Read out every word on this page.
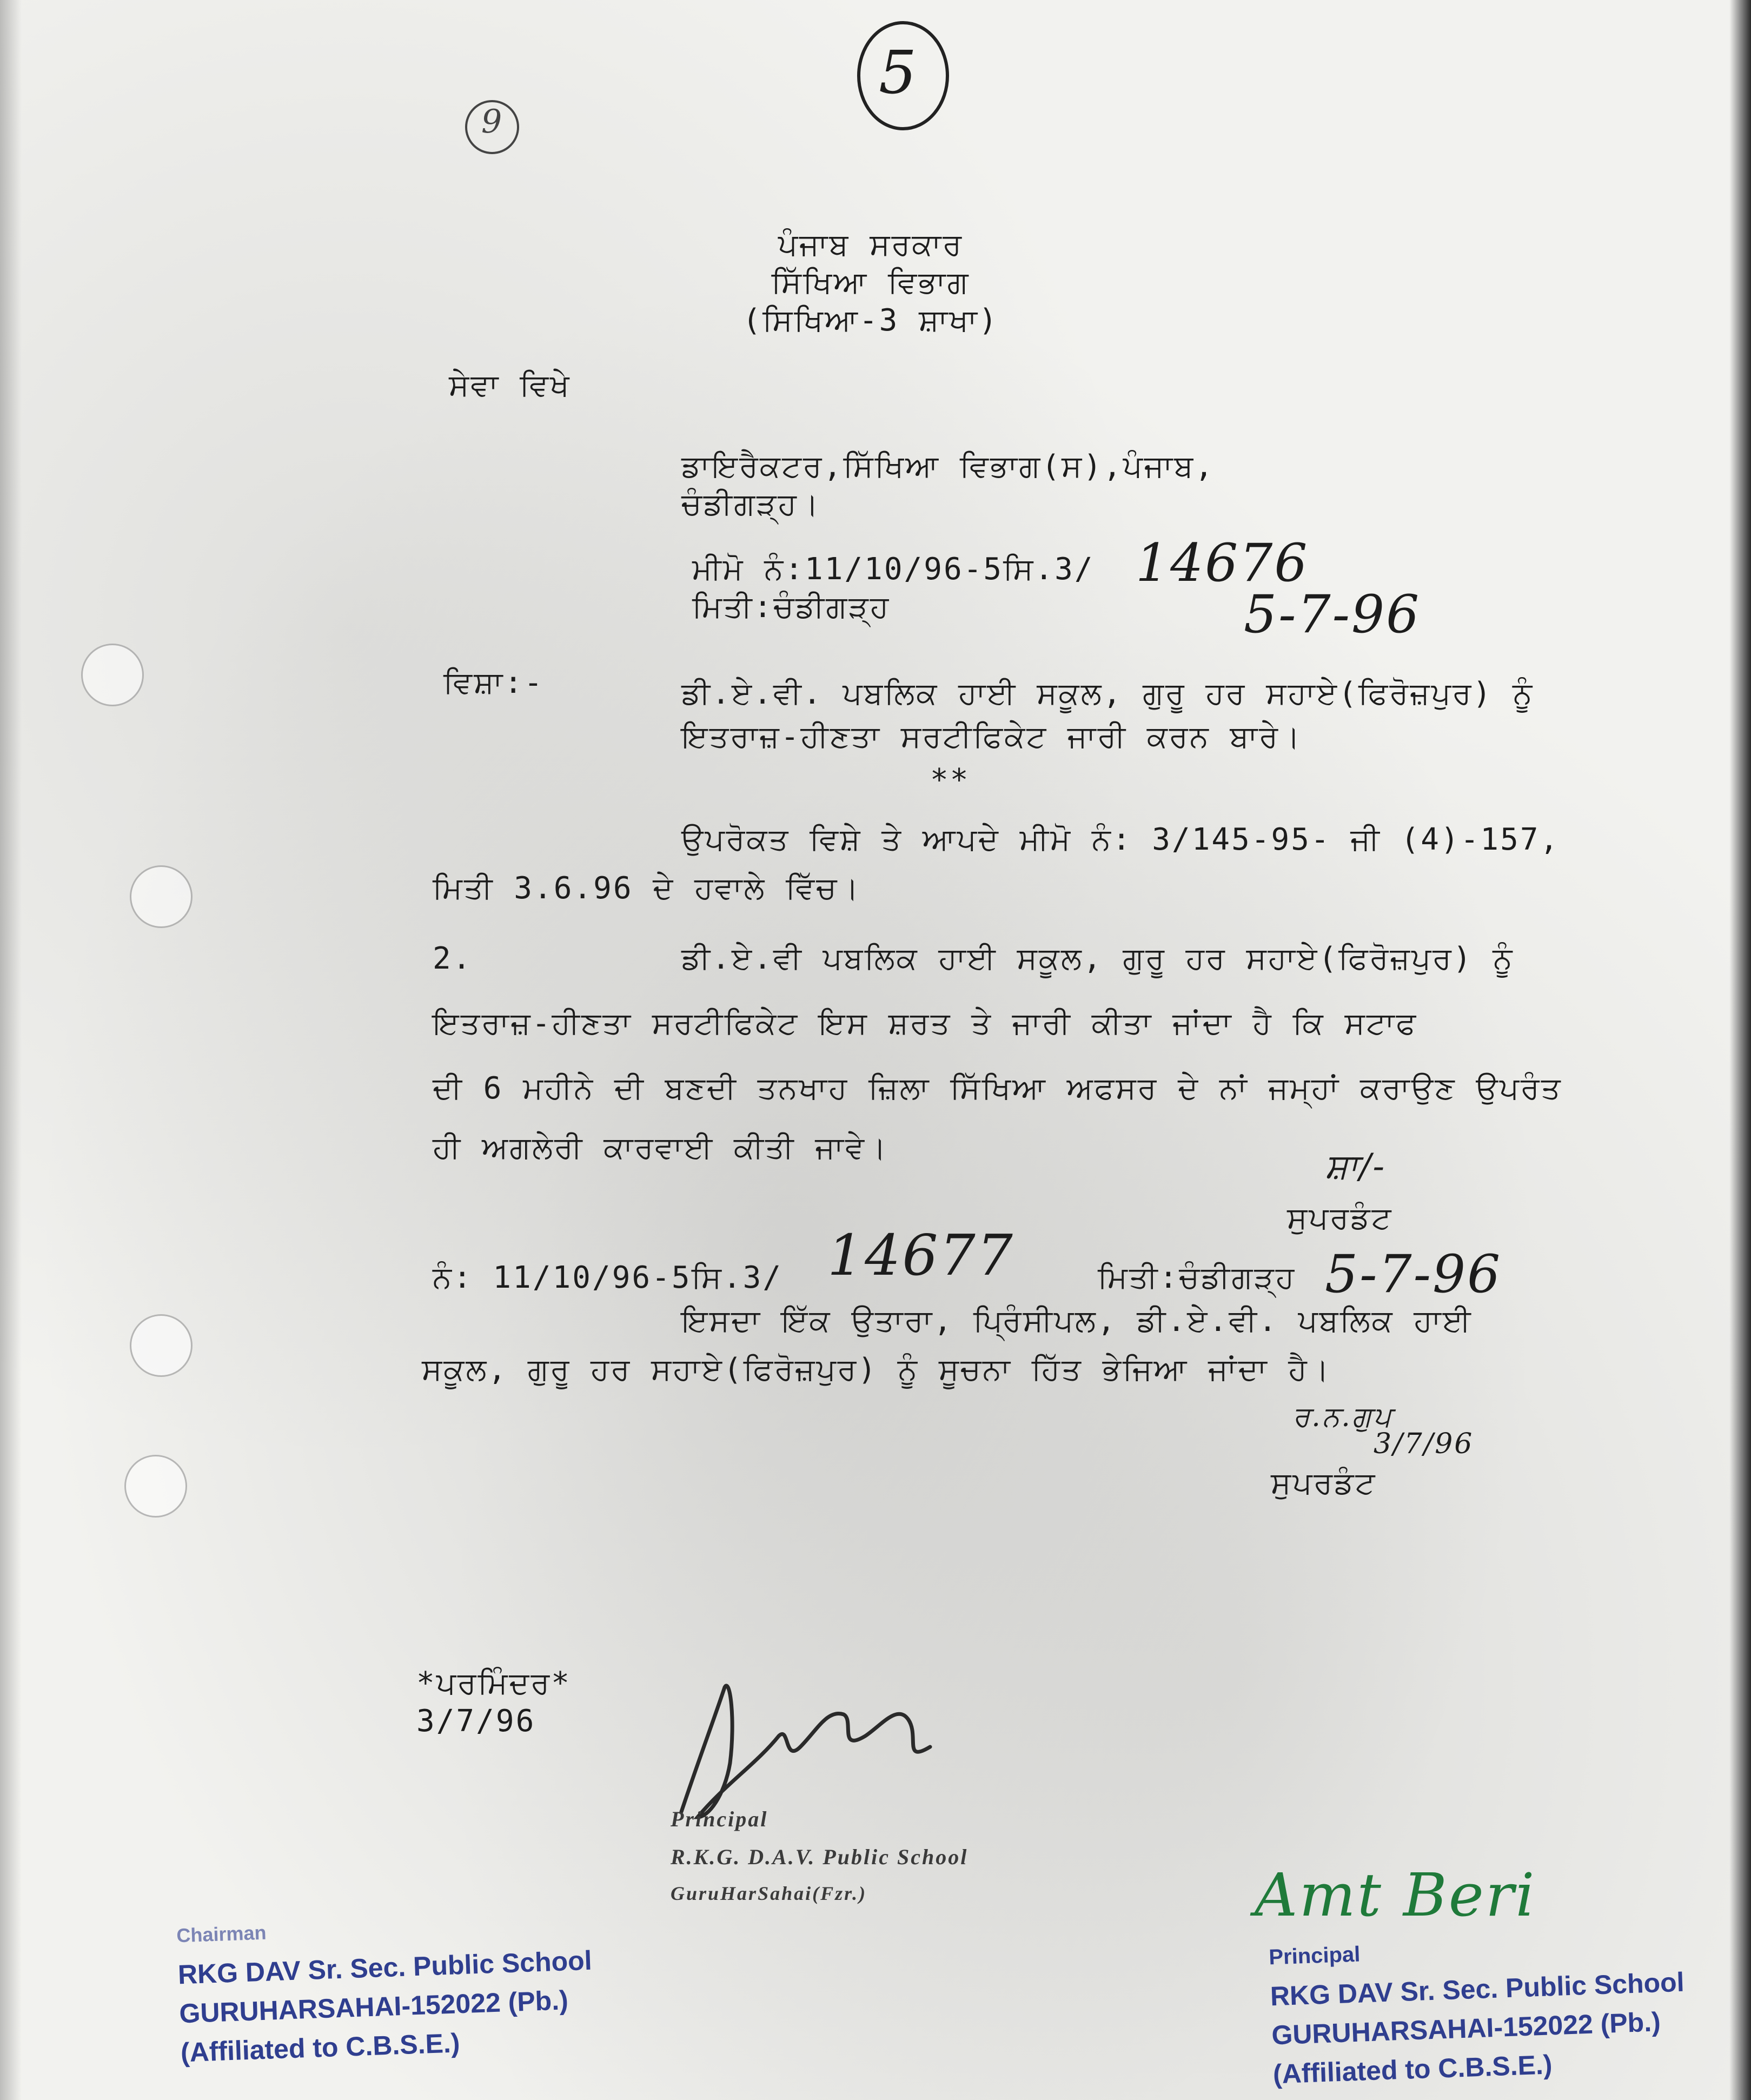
5
9
ਪੰਜਾਬ ਸਰਕਾਰ
ਸਿੱਖਿਆ ਵਿਭਾਗ
(ਸਿਖਿਆ-3 ਸ਼ਾਖਾ)
ਸੇਵਾ ਵਿਖੇ
ਡਾਇਰੈਕਟਰ,ਸਿੱਖਿਆ ਵਿਭਾਗ(ਸ),ਪੰਜਾਬ,
ਚੰਡੀਗੜ੍ਹ।
ਮੀਮੋ ਨੰ:11/10/96-5ਸਿ.3/ 14676
ਮਿਤੀ:ਚੰਡੀਗੜ੍ਹ	5-7-96
ਵਿਸ਼ਾ:-	ਡੀ.ਏ.ਵੀ. ਪਬਲਿਕ ਹਾਈ ਸਕੂਲ, ਗੁਰੂ ਹਰ ਸਹਾਏ(ਫਿਰੋਜ਼ਪੁਰ) ਨੂੰ
ਇਤਰਾਜ਼-ਹੀਣਤਾ ਸਰਟੀਫਿਕੇਟ ਜਾਰੀ ਕਰਨ ਬਾਰੇ।
**
ਉਪਰੋਕਤ ਵਿਸ਼ੇ ਤੇ ਆਪਦੇ ਮੀਮੋ ਨੰ: 3/145-95- ਜੀ (4)-157,
ਮਿਤੀ 3.6.96 ਦੇ ਹਵਾਲੇ ਵਿੱਚ।
2.	ਡੀ.ਏ.ਵੀ ਪਬਲਿਕ ਹਾਈ ਸਕੂਲ, ਗੁਰੂ ਹਰ ਸਹਾਏ(ਫਿਰੋਜ਼ਪੁਰ) ਨੂੰ
ਇਤਰਾਜ਼-ਹੀਣਤਾ ਸਰਟੀਫਿਕੇਟ ਇਸ ਸ਼ਰਤ ਤੇ ਜਾਰੀ ਕੀਤਾ ਜਾਂਦਾ ਹੈ ਕਿ ਸਟਾਫ
ਦੀ 6 ਮਹੀਨੇ ਦੀ ਬਣਦੀ ਤਨਖਾਹ ਜ਼ਿਲਾ ਸਿੱਖਿਆ ਅਫਸਰ ਦੇ ਨਾਂ ਜਮ੍ਹਾਂ ਕਰਾਉਣ ਉਪਰੰਤ
ਹੀ ਅਗਲੇਰੀ ਕਾਰਵਾਈ ਕੀਤੀ ਜਾਵੇ।	ਸ਼ਾ/-
ਸੁਪਰਡੰਟ
ਨੰ: 11/10/96-5ਸਿ.3/ 14677	ਮਿਤੀ:ਚੰਡੀਗੜ੍ਹ 5-7-96
ਇਸਦਾ ਇੱਕ ਉਤਾਰਾ, ਪ੍ਰਿੰਸੀਪਲ, ਡੀ.ਏ.ਵੀ. ਪਬਲਿਕ ਹਾਈ
ਸਕੂਲ, ਗੁਰੂ ਹਰ ਸਹਾਏ(ਫਿਰੋਜ਼ਪੁਰ) ਨੂੰ ਸੂਚਨਾ ਹਿੱਤ ਭੇਜਿਆ ਜਾਂਦਾ ਹੈ।
ਰ.ਨ.ਗੁਪ
3/7/96
ਸੁਪਰਡੰਟ
*ਪਰਮਿੰਦਰ*
3/7/96
Principal
R.K.G. D.A.V. Public School
GuruHarSahai(Fzr.)
Chairman
RKG DAV Sr. Sec. Public School
GURUHARSAHAI-152022 (Pb.)
(Affiliated to C.B.S.E.)
Amt Beri
Principal
RKG DAV Sr. Sec. Public School
GURUHARSAHAI-152022 (Pb.)
(Affiliated to C.B.S.E.)
